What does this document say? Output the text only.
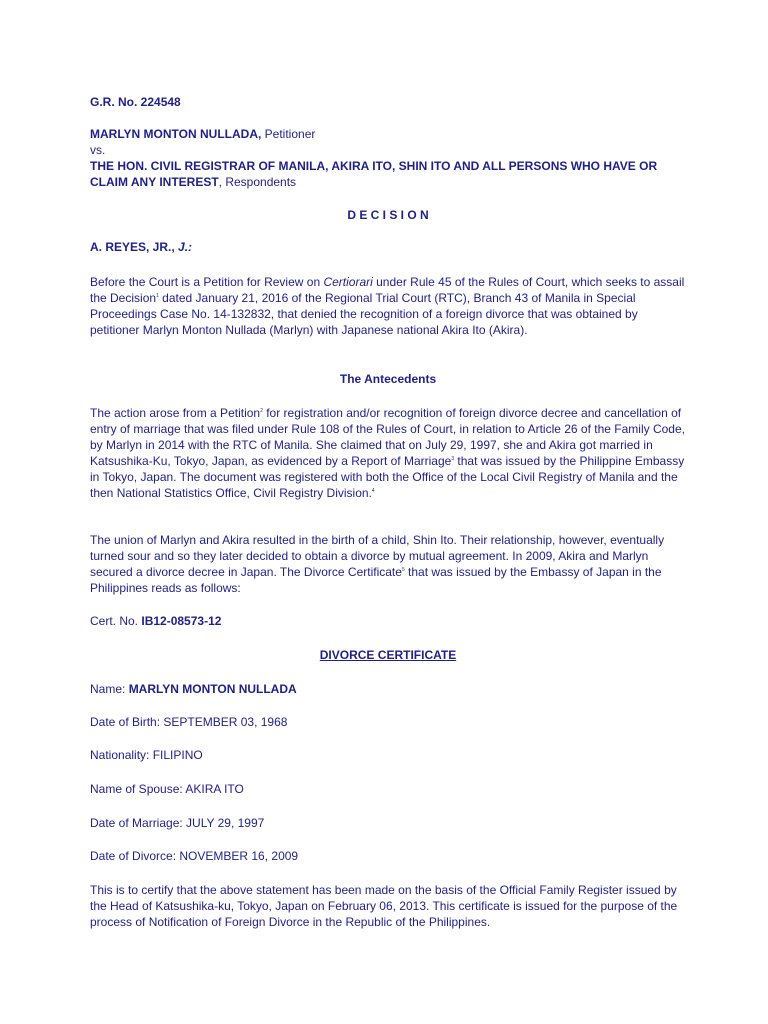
G.R. No. 224548

MARLYN MONTON NULLADA, Petitioner

vs.

THE HON. CIVIL REGISTRAR OF MANILA, AKIRA ITO, SHIN ITO AND ALL PERSONS WHO HAVE OR CLAIM ANY INTEREST, Respondents

D E C I S I O N

A. REYES, JR., J.:

Before the Court is a Petition for Review on Certiorari under Rule 45 of the Rules of Court, which seeks to assail the Decision$^1$ dated January 21, 2016 of the Regional Trial Court (RTC), Branch 43 of Manila in Special Proceedings Case No. 14-132832, that denied the recognition of a foreign divorce that was obtained by petitioner Marlyn Monton Nullada (Marlyn) with Japanese national Akira Ito (Akira).

The Antecedents

The action arose from a Petition$^2$ for registration and/or recognition of foreign divorce decree and cancellation of entry of marriage that was filed under Rule 108 of the Rules of Court, in relation to Article 26 of the Family Code, by Marlyn in 2014 with the RTC of Manila. She claimed that on July 29, 1997, she and Akira got married in Katsushika-Ku, Tokyo, Japan, as evidenced by a Report of Marriage$^3$ that was issued by the Philippine Embassy in Tokyo, Japan. The document was registered with both the Office of the Local Civil Registry of Manila and the then National Statistics Office, Civil Registry Division.$^4$

The union of Marlyn and Akira resulted in the birth of a child, Shin Ito. Their relationship, however, eventually turned sour and so they later decided to obtain a divorce by mutual agreement. In 2009, Akira and Marlyn secured a divorce decree in Japan. The Divorce Certificate$^5$ that was issued by the Embassy of Japan in the Philippines reads as follows:

Cert. No. IB12-08573-12

DIVORCE CERTIFICATE

Name: MARLYN MONTON NULLADA

Date of Birth: SEPTEMBER 03, 1968

Nationality: FILIPINO

Name of Spouse: AKIRA ITO

Date of Marriage: JULY 29, 1997

Date of Divorce: NOVEMBER 16, 2009

This is to certify that the above statement has been made on the basis of the Official Family Register issued by the Head of Katsushika-ku, Tokyo, Japan on February 06, 2013. This certificate is issued for the purpose of the process of Notification of Foreign Divorce in the Republic of the Philippines.
